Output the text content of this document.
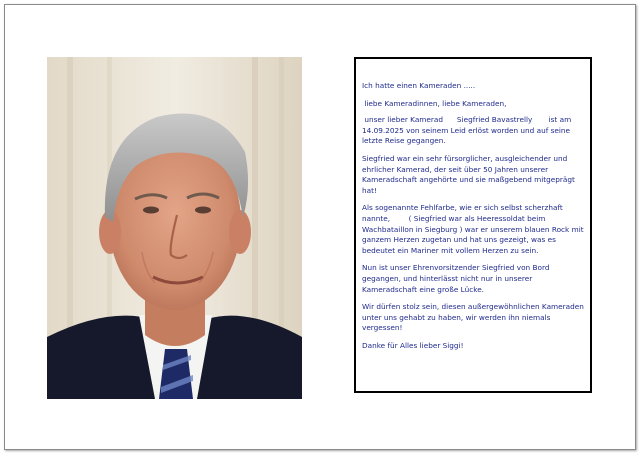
Ich hatte einen Kameraden .....

liebe Kameradinnen, liebe Kameraden,

unser lieber Kamerad      Siegfried Bavastrelly       ist am 14.09.2025 von seinem Leid erlöst worden und auf seine letzte Reise gegangen.

Siegfried war ein sehr fürsorglicher, ausgleichender und ehrlicher Kamerad, der seit über 50 Jahren unserer Kameradschaft angehörte und sie maßgebend mitgeprägt hat!

Als sogenannte Fehlfarbe, wie er sich selbst scherzhaft nannte,        ( Siegfried war als Heeressoldat beim Wachbataillon in Siegburg ) war er unserem blauen Rock mit ganzem Herzen zugetan und hat uns gezeigt, was es bedeutet ein Mariner mit vollem Herzen zu sein.

Nun ist unser Ehrenvorsitzender Siegfried von Bord gegangen, und hinterlässt nicht nur in unserer Kameradschaft eine große Lücke.

Wir dürfen stolz sein, diesen außergewöhnlichen Kameraden unter uns gehabt zu haben, wir werden ihn niemals vergessen!

Danke für Alles lieber Siggi!
